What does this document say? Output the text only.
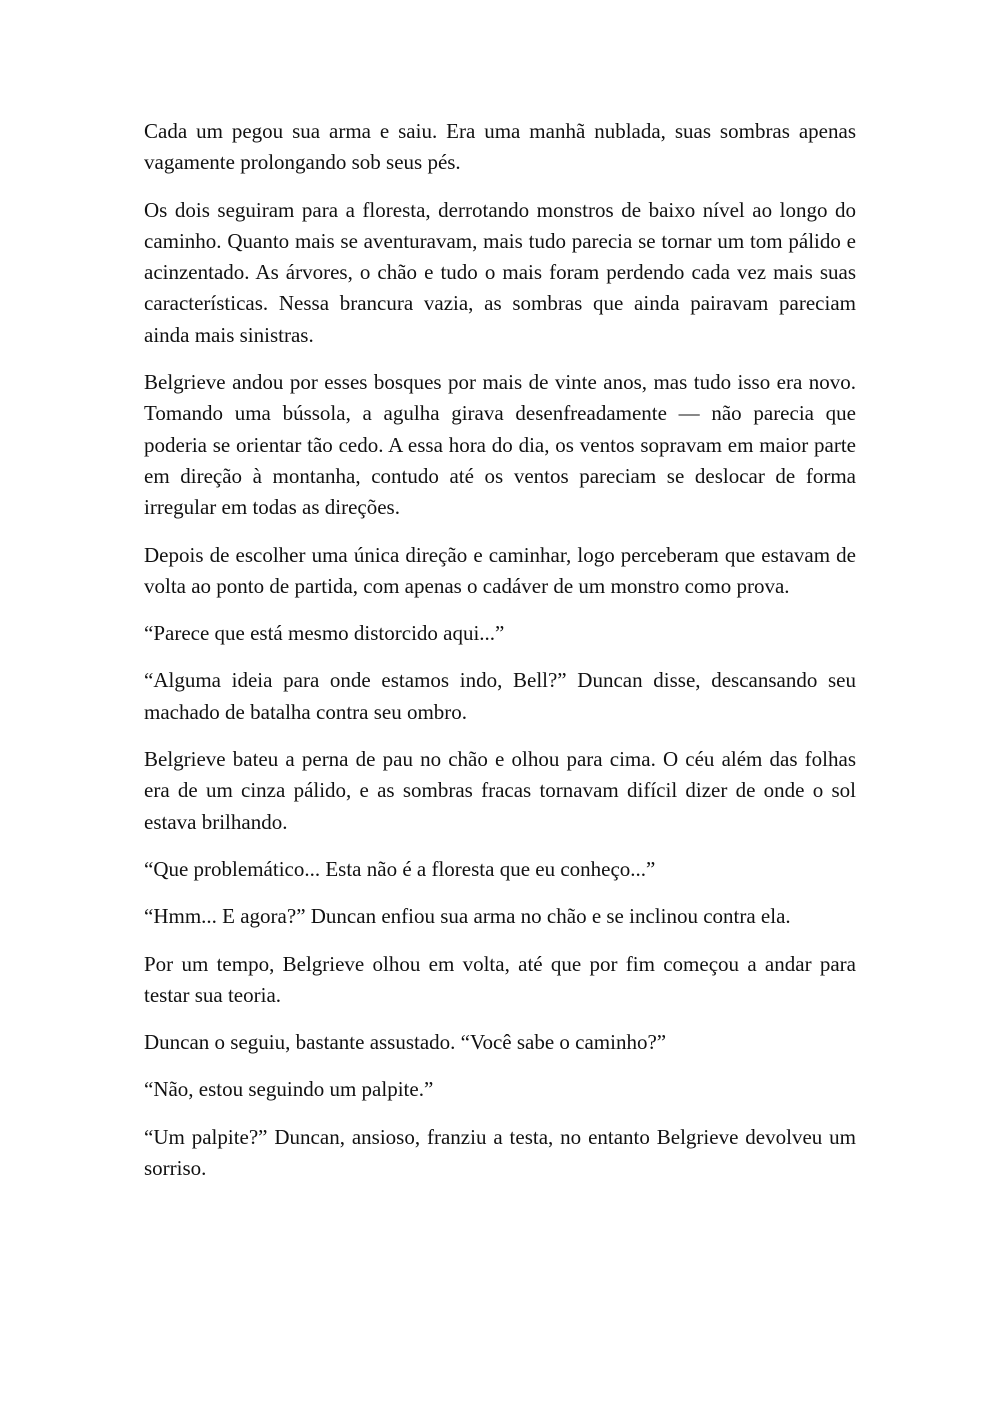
Cada um pegou sua arma e saiu. Era uma manhã nublada, suas sombras apenas vagamente prolongando sob seus pés.

Os dois seguiram para a floresta, derrotando monstros de baixo nível ao longo do caminho. Quanto mais se aventuravam, mais tudo parecia se tornar um tom pálido e acinzentado. As árvores, o chão e tudo o mais foram perdendo cada vez mais suas características. Nessa brancura vazia, as sombras que ainda pairavam pareciam ainda mais sinistras.

Belgrieve andou por esses bosques por mais de vinte anos, mas tudo isso era novo. Tomando uma bússola, a agulha girava desenfreadamente — não parecia que poderia se orientar tão cedo. A essa hora do dia, os ventos sopravam em maior parte em direção à montanha, contudo até os ventos pareciam se deslocar de forma irregular em todas as direções.

Depois de escolher uma única direção e caminhar, logo perceberam que estavam de volta ao ponto de partida, com apenas o cadáver de um monstro como prova.

“Parece que está mesmo distorcido aqui...”

“Alguma ideia para onde estamos indo, Bell?” Duncan disse, descansando seu machado de batalha contra seu ombro.

Belgrieve bateu a perna de pau no chão e olhou para cima. O céu além das folhas era de um cinza pálido, e as sombras fracas tornavam difícil dizer de onde o sol estava brilhando.

“Que problemático... Esta não é a floresta que eu conheço...”

“Hmm... E agora?” Duncan enfiou sua arma no chão e se inclinou contra ela.

Por um tempo, Belgrieve olhou em volta, até que por fim começou a andar para testar sua teoria.

Duncan o seguiu, bastante assustado. “Você sabe o caminho?”

“Não, estou seguindo um palpite.”

“Um palpite?” Duncan, ansioso, franziu a testa, no entanto Belgrieve devolveu um sorriso.
